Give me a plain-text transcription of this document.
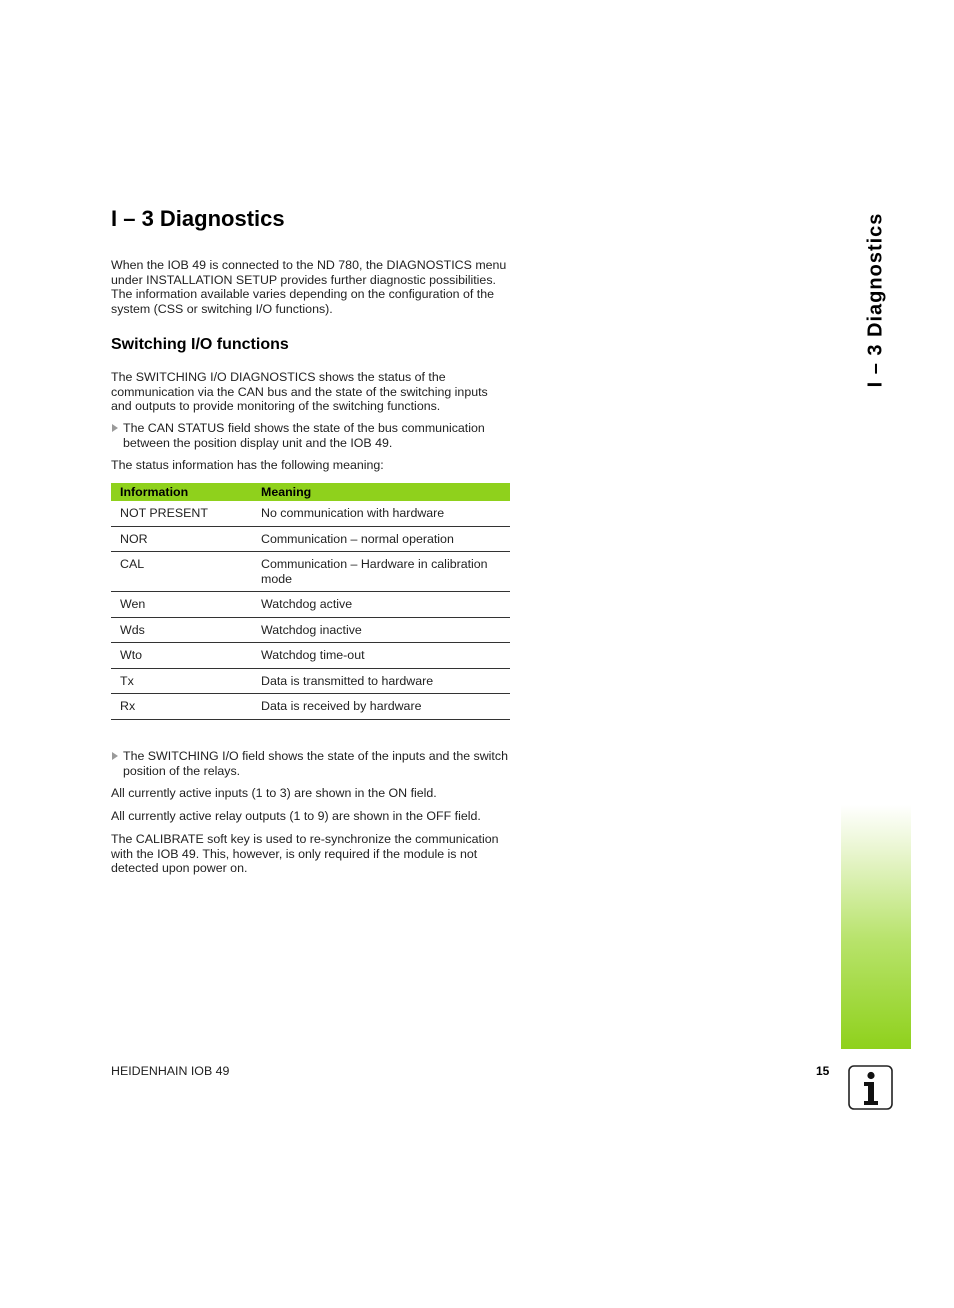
I – 3 Diagnostics

When the IOB 49 is connected to the ND 780, the DIAGNOSTICS menu under INSTALLATION SETUP provides further diagnostic possibilities. The information available varies depending on the configuration of the system (CSS or switching I/O functions).

Switching I/O functions

The SWITCHING I/O DIAGNOSTICS shows the status of the communication via the CAN bus and the state of the switching inputs and outputs to provide monitoring of the switching functions.

The CAN STATUS field shows the state of the bus communication between the position display unit and the IOB 49.

The status information has the following meaning:

Information	Meaning
NOT PRESENT	No communication with hardware
NOR	Communication – normal operation
CAL	Communication – Hardware in calibration mode
Wen	Watchdog active
Wds	Watchdog inactive
Wto	Watchdog time-out
Tx	Data is transmitted to hardware
Rx	Data is received by hardware
The SWITCHING I/O field shows the state of the inputs and the switch position of the relays.

All currently active inputs (1 to 3) are shown in the ON field.

All currently active relay outputs (1 to 9) are shown in the OFF field.

The CALIBRATE soft key is used to re-synchronize the communication with the IOB 49. This, however, is only required if the module is not detected upon power on.

I – 3 Diagnostics
HEIDENHAIN IOB 49	15
